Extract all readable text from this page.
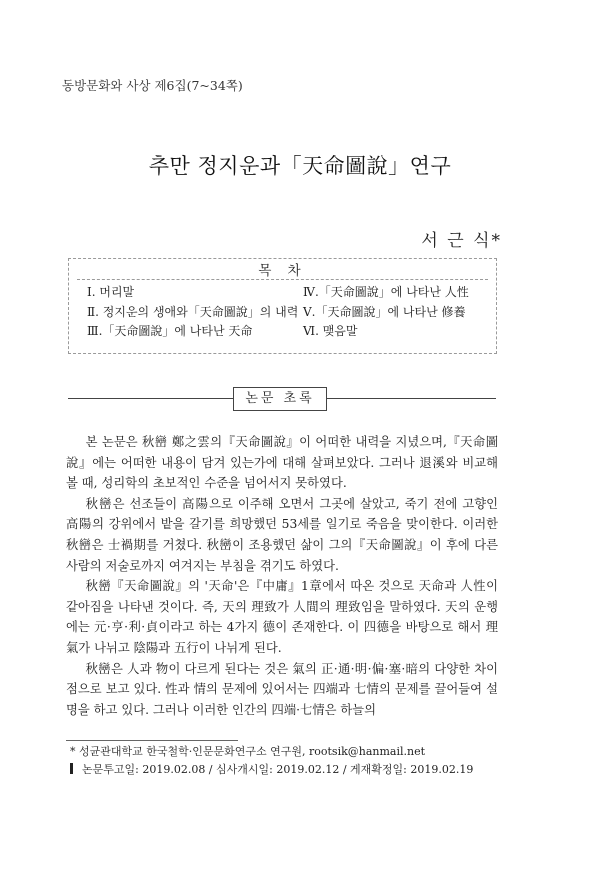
동방문화와 사상 제6집(7~34쪽)
추만 정지운과「天命圖說」연구
서 근 식*
목 차
Ⅰ. 머리말
Ⅱ. 정지운의 생애와「天命圖說」의 내력
Ⅲ.「天命圖說」에 나타난 天命
Ⅳ.「天命圖說」에 나타난 人性
Ⅴ.「天命圖說」에 나타난 修養
Ⅵ. 맺음말
논문 초록

본 논문은 秋巒 鄭之雲의『天命圖說』이 어떠한 내력을 지녔으며,『天命圖說』에는 어떠한 내용이 담겨 있는가에 대해 살펴보았다. 그러나 退溪와 비교해 볼 때, 성리학의 초보적인 수준을 넘어서지 못하였다.

秋巒은 선조들이 高陽으로 이주해 오면서 그곳에 살았고, 죽기 전에 고향인 高陽의 강위에서 밭을 갈기를 희망했던 53세를 일기로 죽음을 맞이한다. 이러한 秋巒은 士禍期를 거쳤다. 秋巒이 조용했던 삶이 그의『天命圖說』이 후에 다른 사람의 저술로까지 여겨지는 부침을 겪기도 하였다.

秋巒『天命圖說』의 '天命'은『中庸』1章에서 따온 것으로 天命과 人性이 같아짐을 나타낸 것이다. 즉, 天의 理致가 人間의 理致임을 말하였다. 天의 운행에는 元·亨·利·貞이라고 하는 4가지 德이 존재한다. 이 四德을 바탕으로 해서 理氣가 나뉘고 陰陽과 五行이 나뉘게 된다.

秋巒은 人과 物이 다르게 된다는 것은 氣의 正·通·明·偏·塞·暗의 다양한 차이점으로 보고 있다. 性과 情의 문제에 있어서는 四端과 七情의 문제를 끌어들여 설명을 하고 있다. 그러나 이러한 인간의 四端·七情은 하늘의

* 성균관대학교 한국철학·인문문화연구소 연구원, rootsik@hanmail.net
논문투고일: 2019.02.08 / 심사개시일: 2019.02.12 / 게재확정일: 2019.02.19
